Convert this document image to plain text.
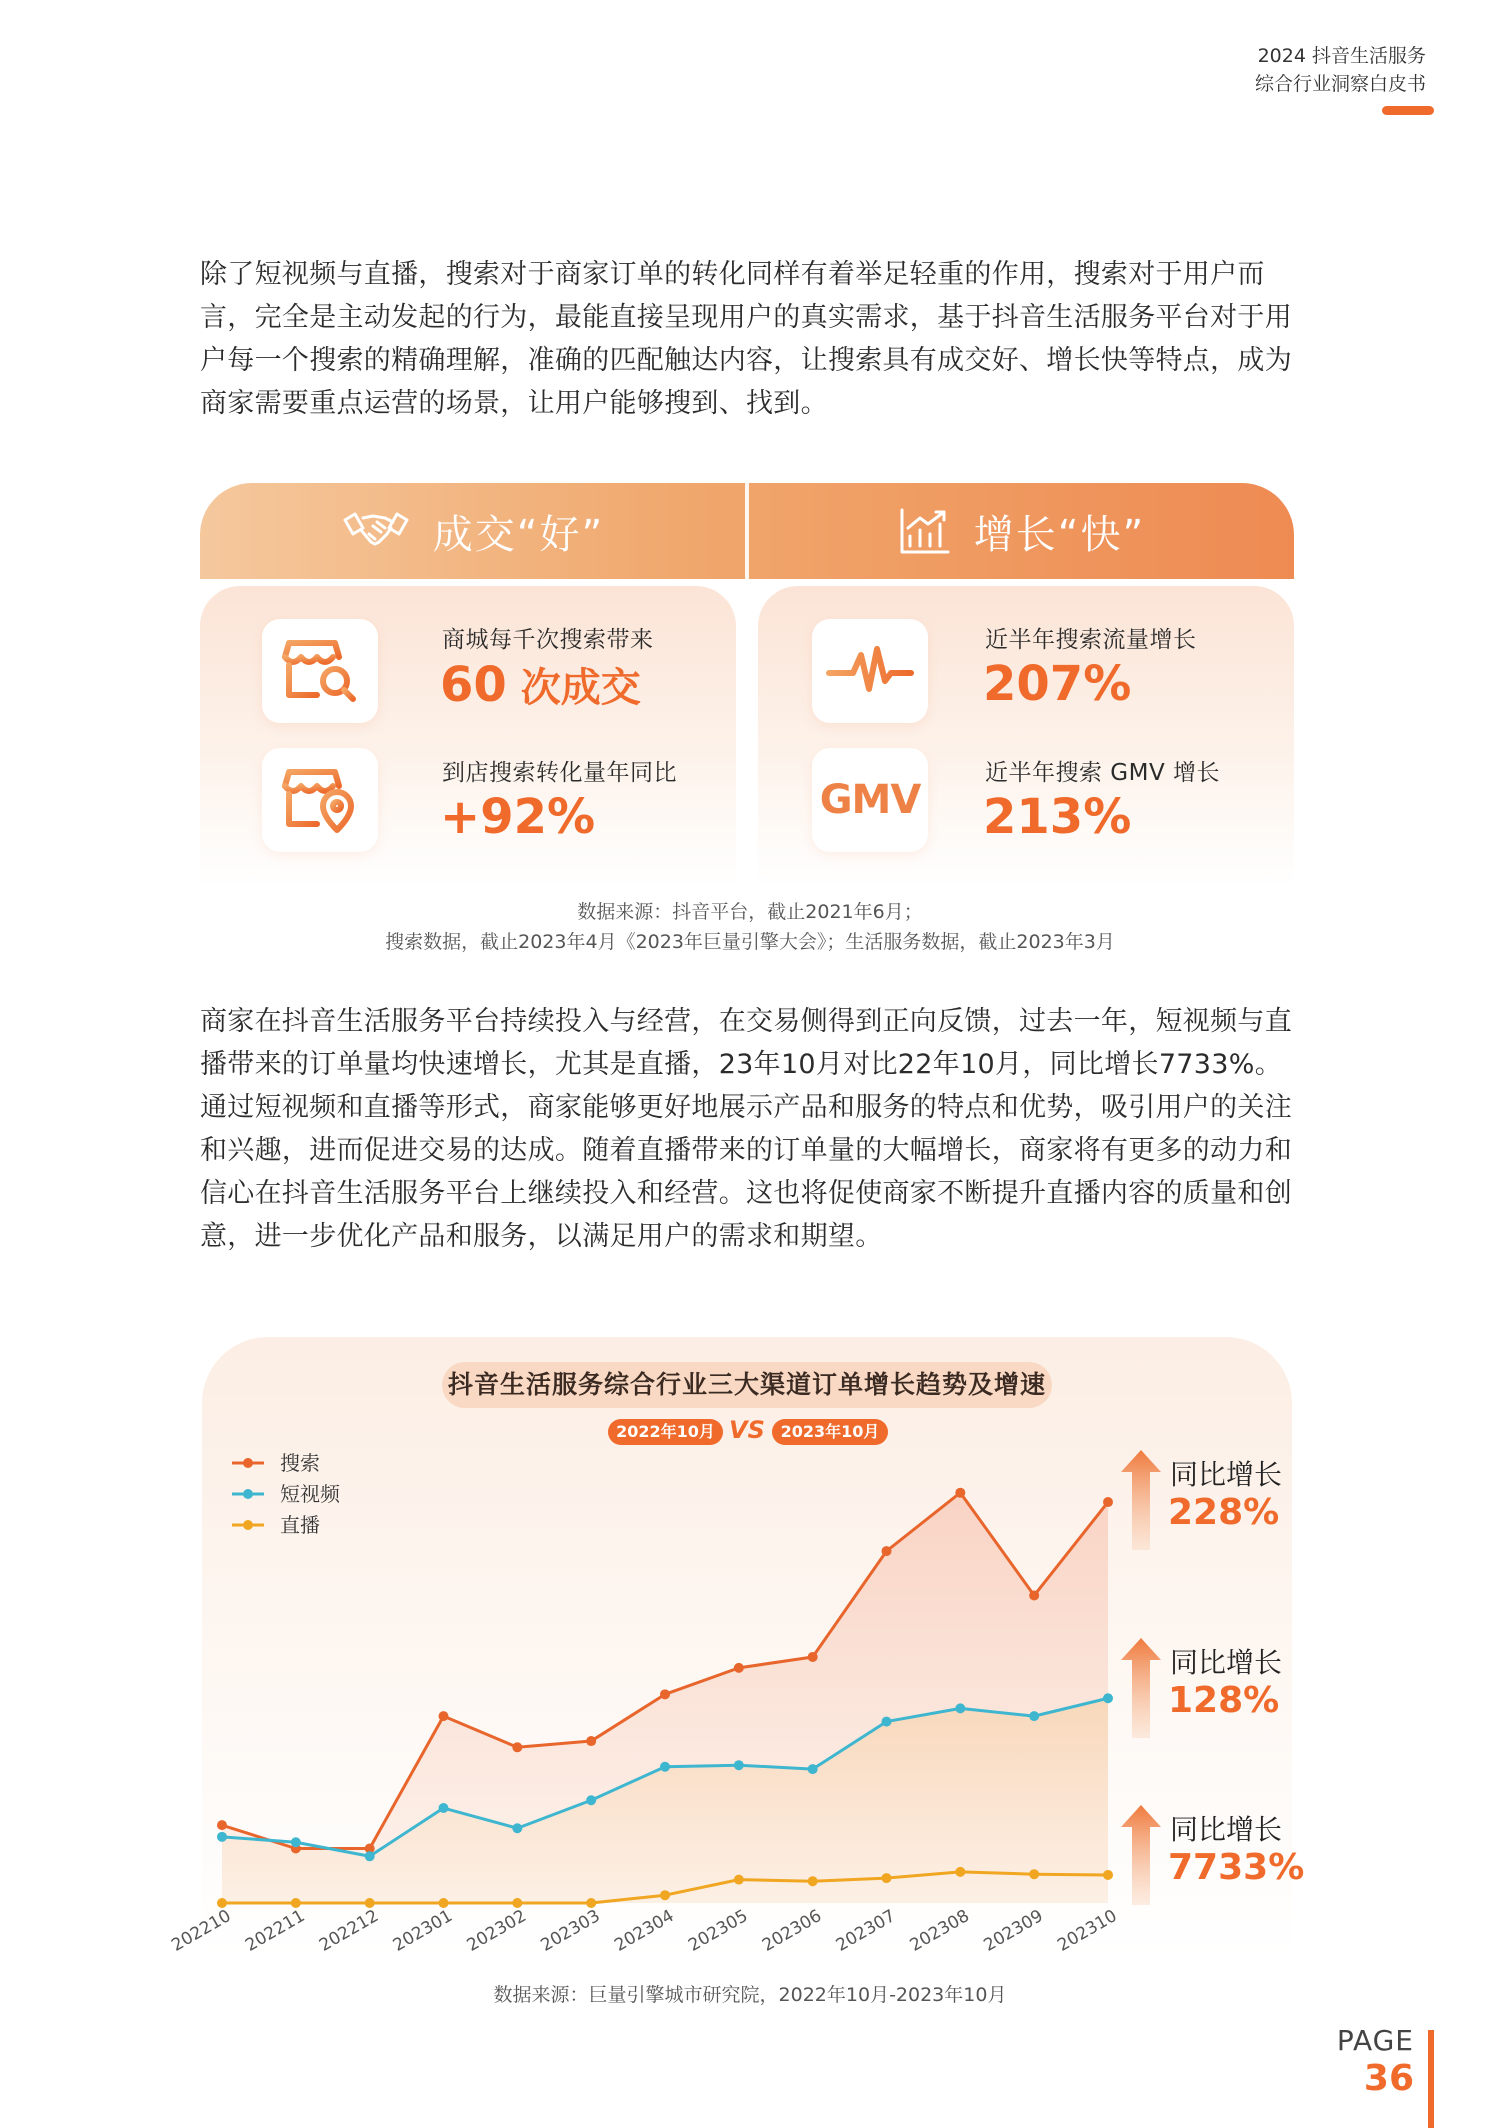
2024 抖音生活服务
综合行业洞察白皮书
除了短视频与直播，搜索对于商家订单的转化同样有着举足轻重的作用，搜索对于用户而言，完全是主动发起的行为，最能直接呈现用户的真实需求，基于抖音生活服务平台对于用户每一个搜索的精确理解，准确的匹配触达内容，让搜索具有成交好、增长快等特点，成为商家需要重点运营的场景，让用户能够搜到、找到。
成交“好”	增长“快”
商城每千次搜索带来
60 次成交
到店搜索转化量年同比
+92%
近半年搜索流量增长
207%
GMV
近半年搜索 GMV 增长
213%
数据来源：抖音平台，截止2021年6月；
搜索数据，截止2023年4月《2023年巨量引擎大会》；生活服务数据，截止2023年3月
商家在抖音生活服务平台持续投入与经营，在交易侧得到正向反馈，过去一年，短视频与直播带来的订单量均快速增长，尤其是直播，23年10月对比22年10月，同比增长7733%。通过短视频和直播等形式，商家能够更好地展示产品和服务的特点和优势，吸引用户的关注和兴趣，进而促进交易的达成。随着直播带来的订单量的大幅增长，商家将有更多的动力和信心在抖音生活服务平台上继续投入和经营。这也将促使商家不断提升直播内容的质量和创意，进一步优化产品和服务，以满足用户的需求和期望。
抖音生活服务综合行业三大渠道订单增长趋势及增速
2022年10月 VS 2023年10月
202210 202211 202212 202301 202302 202303 202304 202305 202306 202307 202308 202309 202310
搜索
短视频
直播
同比增长
228%
同比增长
128%
同比增长
7733%
数据来源：巨量引擎城市研究院，2022年10月-2023年10月
PAGE
36
